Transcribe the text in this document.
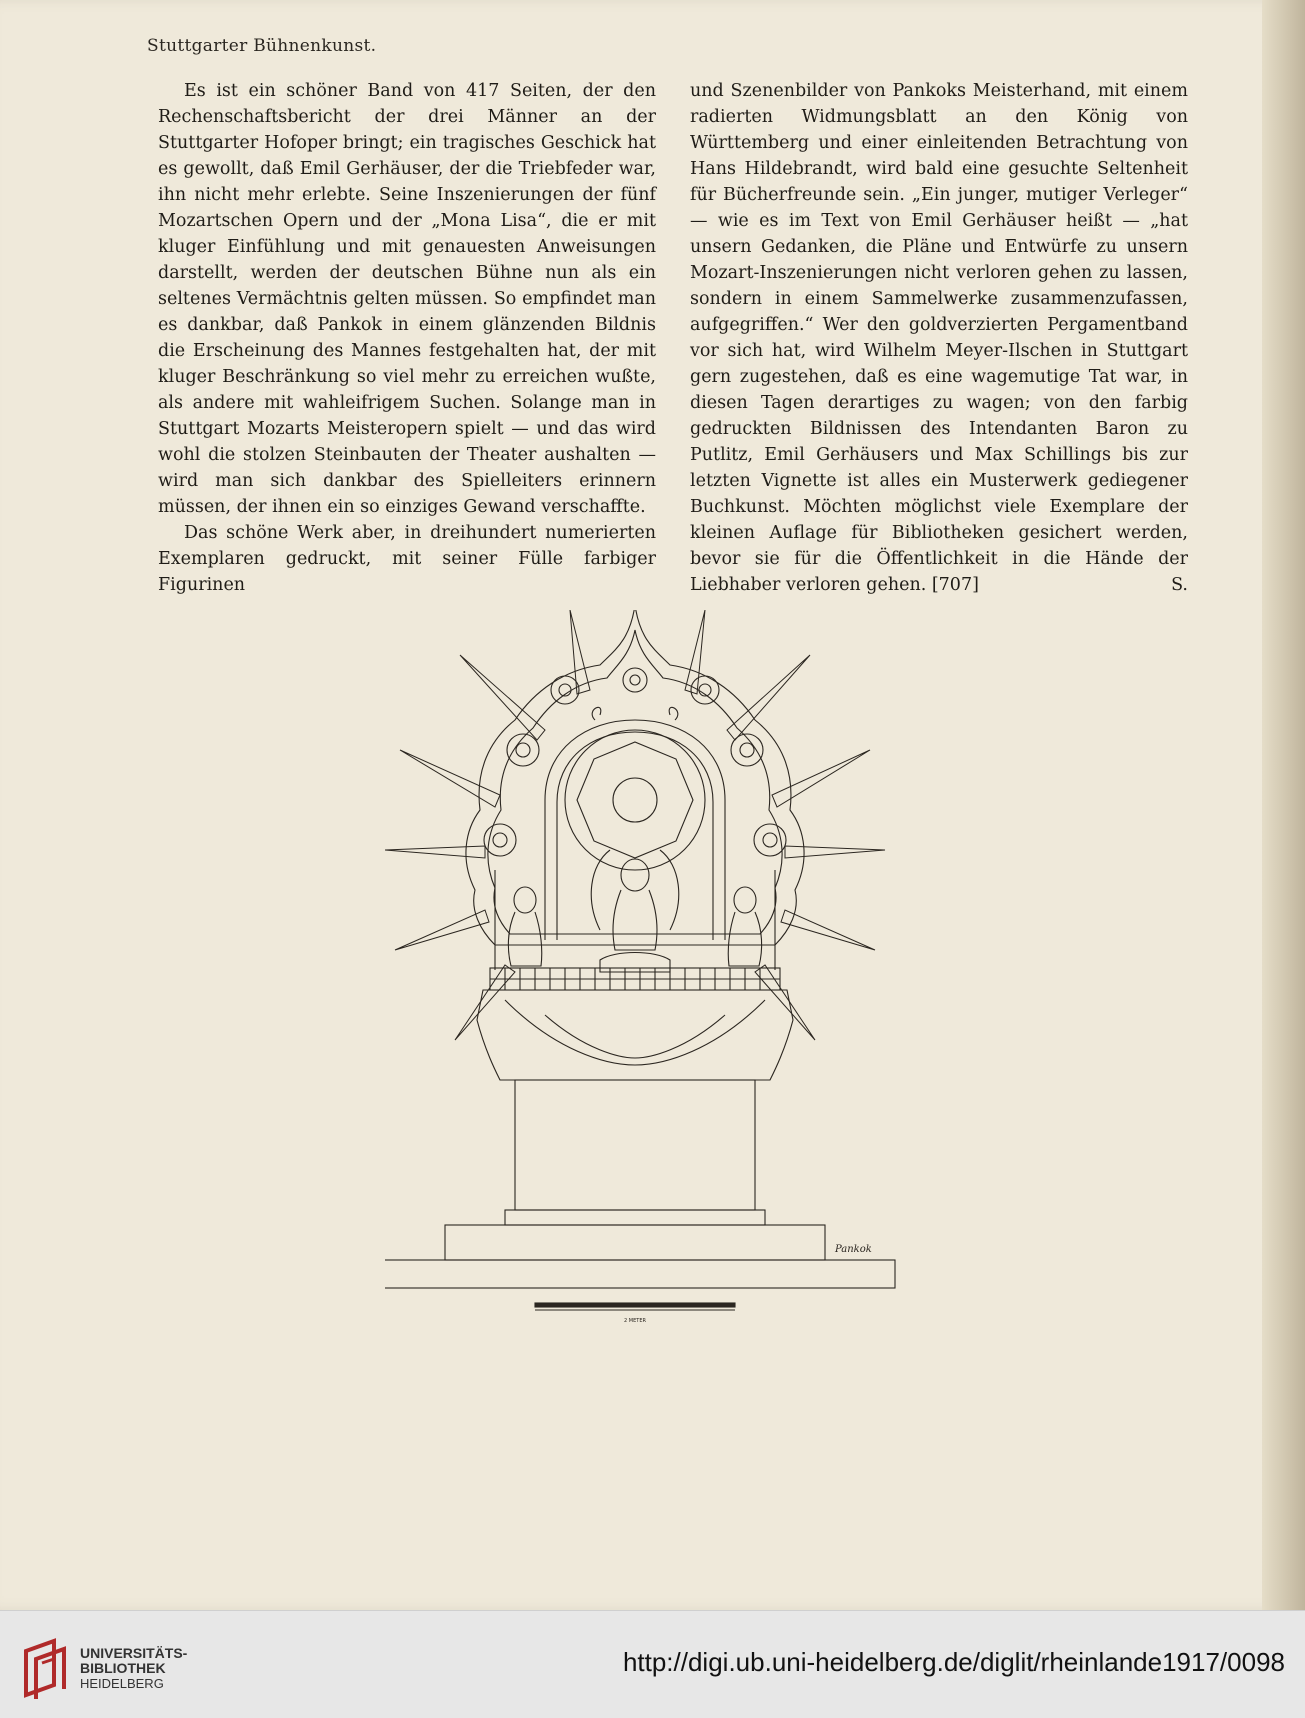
Stuttgarter Bühnenkunst.

Es ist ein schöner Band von 417 Seiten, der den Rechenschaftsbericht der drei Männer an der Stuttgarter Hofoper bringt; ein tragisches Geschick hat es gewollt, daß Emil Gerhäuser, der die Triebfeder war, ihn nicht mehr erlebte. Seine Inszenierungen der fünf Mozartschen Opern und der „Mona Lisa“, die er mit kluger Einfühlung und mit genauesten Anweisungen darstellt, werden der deutschen Bühne nun als ein seltenes Vermächtnis gelten müssen. So empfindet man es dankbar, daß Pankok in einem glänzenden Bildnis die Erscheinung des Mannes festgehalten hat, der mit kluger Beschränkung so viel mehr zu erreichen wußte, als andere mit wahleifrigem Suchen. Solange man in Stuttgart Mozarts Meisteropern spielt — und das wird wohl die stolzen Steinbauten der Theater aushalten — wird man sich dankbar des Spielleiters erinnern müssen, der ihnen ein so einziges Gewand verschaffte.

Das schöne Werk aber, in dreihundert numerierten Exemplaren gedruckt, mit seiner Fülle farbiger Figurinen

und Szenenbilder von Pankoks Meisterhand, mit einem radierten Widmungsblatt an den König von Württemberg und einer einleitenden Betrachtung von Hans Hildebrandt, wird bald eine gesuchte Seltenheit für Bücherfreunde sein. „Ein junger, mutiger Verleger“ — wie es im Text von Emil Gerhäuser heißt — „hat unsern Gedanken, die Pläne und Entwürfe zu unsern Mozart-Inszenierungen nicht verloren gehen zu lassen, sondern in einem Sammelwerke zusammenzufassen, aufgegriffen.“ Wer den goldverzierten Pergamentband vor sich hat, wird Wilhelm Meyer-Ilschen in Stuttgart gern zugestehen, daß es eine wagemutige Tat war, in diesen Tagen derartiges zu wagen; von den farbig gedruckten Bildnissen des Intendanten Baron zu Putlitz, Emil Gerhäusers und Max Schillings bis zur letzten Vignette ist alles ein Musterwerk gediegener Buchkunst. Möchten möglichst viele Exemplare der kleinen Auflage für Bibliotheken gesichert werden, bevor sie für die Öffentlichkeit in die Hände der Liebhaber verloren gehen. [707]	S.

Pankok
2 METER
UNIVERSITÄTS-
BIBLIOTHEK
HEIDELBERG
http://digi.ub.uni-heidelberg.de/diglit/rheinlande1917/0098
